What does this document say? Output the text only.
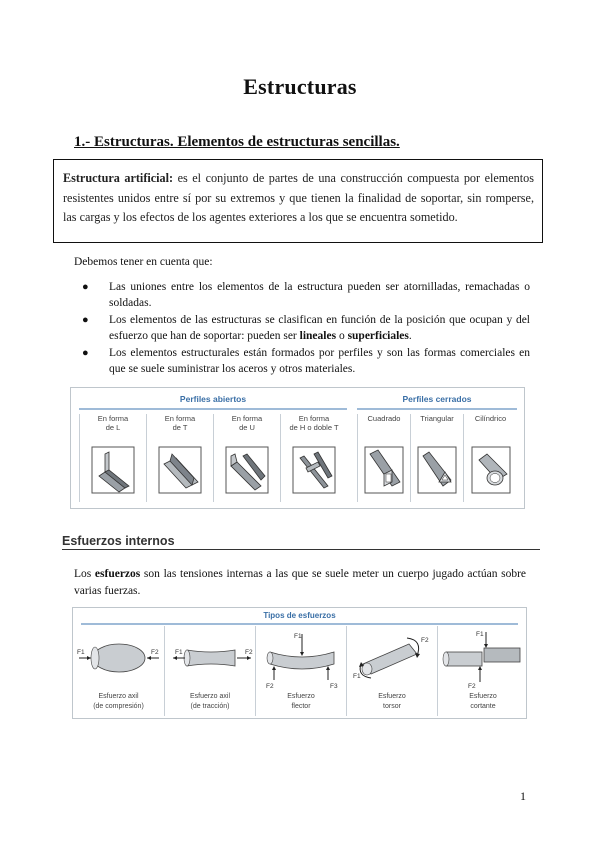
Estructuras
1.- Estructuras. Elementos de estructuras sencillas.
Estructura artificial: es el conjunto de partes de una construcción compuesta por elementos resistentes unidos entre sí por su extremos y que tienen la finalidad de soportar, sin romperse, las cargas y los efectos de los agentes exteriores a los que se encuentra sometido.
Debemos tener en cuenta que:
● Las uniones entre los elementos de la estructura pueden ser atornilladas, remachadas o soldadas.
● Los elementos de las estructuras se clasifican en función de la posición que ocupan y del esfuerzo que han de soportar: pueden ser lineales o superficiales.
● Los elementos estructurales están formados por perfiles y son las formas comerciales en que se suele suministrar los aceros y otros materiales.
Perfiles abiertos
En forma
de L
En forma
de T
En forma
de U
En forma
de H o doble T
Perfiles cerrados
Cuadrado	Triangular	Cilíndrico
Esfuerzos internos
Los esfuerzos son las tensiones internas a las que se suele meter un cuerpo jugado actúan sobre varias fuerzas.
Tipos de esfuerzos
F1	F2
Esfuerzo axil
(de compresión)
F1	F2
Esfuerzo axil
(de tracción)
F1
F2	F3
Esfuerzo
flector
F2
F1
Esfuerzo
torsor
F1
F2
Esfuerzo
cortante
1
